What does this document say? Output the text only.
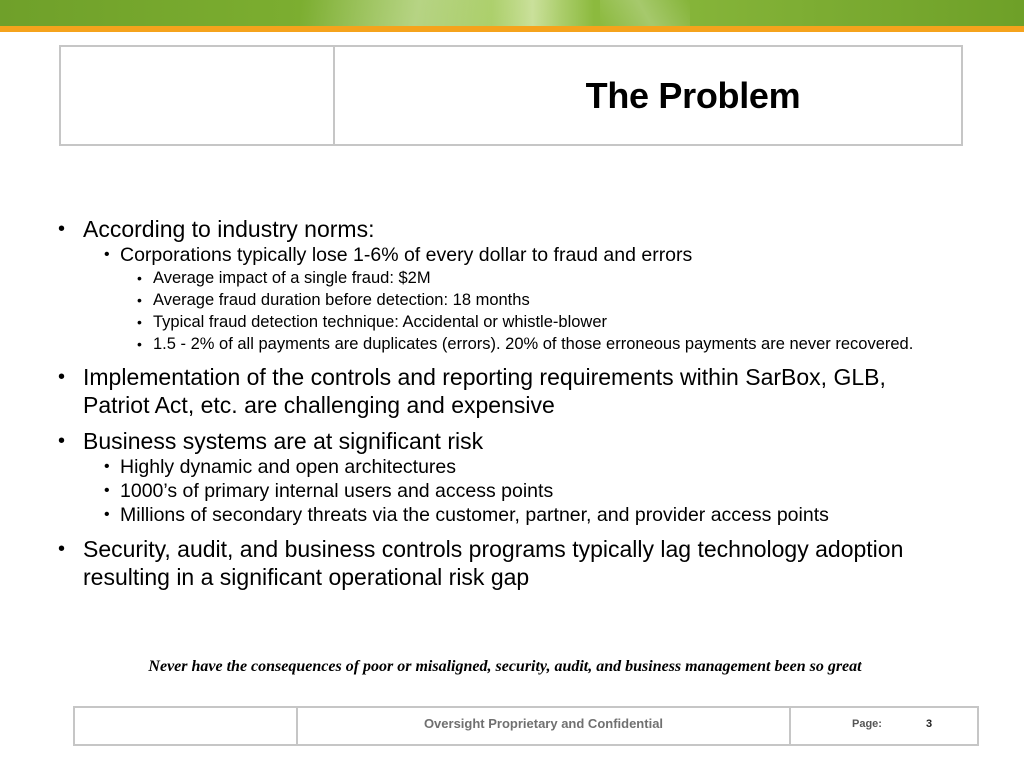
The Problem
• According to industry norms:
• Corporations typically lose 1-6% of every dollar to fraud and errors
• Average impact of a single fraud: $2M
• Average fraud duration before detection: 18 months
• Typical fraud detection technique: Accidental or whistle-blower
• 1.5 - 2% of all payments are duplicates (errors). 20% of those erroneous payments are never recovered.
• Implementation of the controls and reporting requirements within SarBox, GLB, Patriot Act, etc. are challenging and expensive
• Business systems are at significant risk
• Highly dynamic and open architectures
• 1000’s of primary internal users and access points
• Millions of secondary threats via the customer, partner, and provider access points
• Security, audit, and business controls programs typically lag technology adoption resulting in a significant operational risk gap
Never have the consequences of poor or misaligned, security, audit, and business management been so great
Oversight Proprietary and Confidential	Page:	3
